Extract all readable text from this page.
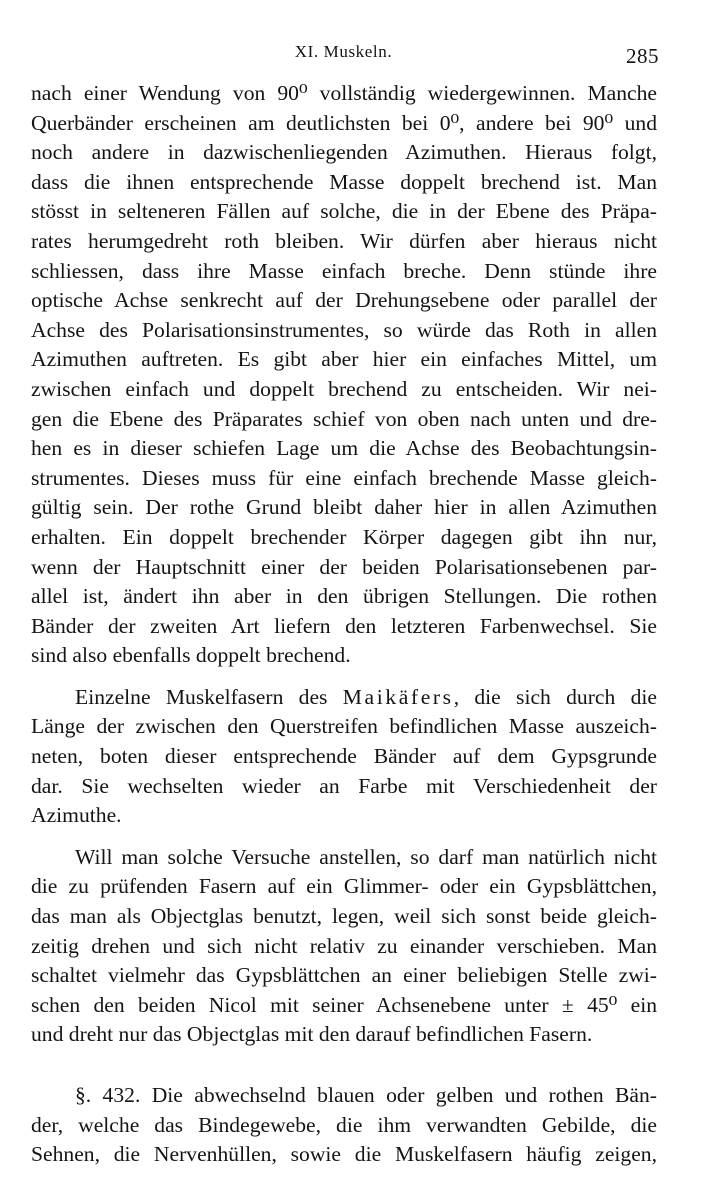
XI. Muskeln.	285

nach einer Wendung von 90⁰ vollständig wiedergewinnen. Manche
Querbänder erscheinen am deutlichsten bei 0⁰, andere bei 90⁰ und
noch andere in dazwischenliegenden Azimuthen. Hieraus folgt,
dass die ihnen entsprechende Masse doppelt brechend ist. Man
stösst in selteneren Fällen auf solche, die in der Ebene des Präpa-
rates herumgedreht roth bleiben. Wir dürfen aber hieraus nicht
schliessen, dass ihre Masse einfach breche. Denn stünde ihre
optische Achse senkrecht auf der Drehungsebene oder parallel der
Achse des Polarisationsinstrumentes, so würde das Roth in allen
Azimuthen auftreten. Es gibt aber hier ein einfaches Mittel, um
zwischen einfach und doppelt brechend zu entscheiden. Wir nei-
gen die Ebene des Präparates schief von oben nach unten und dre-
hen es in dieser schiefen Lage um die Achse des Beobachtungsin-
strumentes. Dieses muss für eine einfach brechende Masse gleich-
gültig sein. Der rothe Grund bleibt daher hier in allen Azimuthen
erhalten. Ein doppelt brechender Körper dagegen gibt ihn nur,
wenn der Hauptschnitt einer der beiden Polarisationsebenen par-
allel ist, ändert ihn aber in den übrigen Stellungen. Die rothen
Bänder der zweiten Art liefern den letzteren Farbenwechsel. Sie
sind also ebenfalls doppelt brechend.

Einzelne Muskelfasern des Maikäfers, die sich durch die
Länge der zwischen den Querstreifen befindlichen Masse auszeich-
neten, boten dieser entsprechende Bänder auf dem Gypsgrunde
dar. Sie wechselten wieder an Farbe mit Verschiedenheit der
Azimuthe.

Will man solche Versuche anstellen, so darf man natürlich nicht
die zu prüfenden Fasern auf ein Glimmer- oder ein Gypsblättchen,
das man als Objectglas benutzt, legen, weil sich sonst beide gleich-
zeitig drehen und sich nicht relativ zu einander verschieben. Man
schaltet vielmehr das Gypsblättchen an einer beliebigen Stelle zwi-
schen den beiden Nicol mit seiner Achsenebene unter ± 45⁰ ein
und dreht nur das Objectglas mit den darauf befindlichen Fasern.

§. 432. Die abwechselnd blauen oder gelben und rothen Bän-
der, welche das Bindegewebe, die ihm verwandten Gebilde, die
Sehnen, die Nervenhüllen, sowie die Muskelfasern häufig zeigen,
